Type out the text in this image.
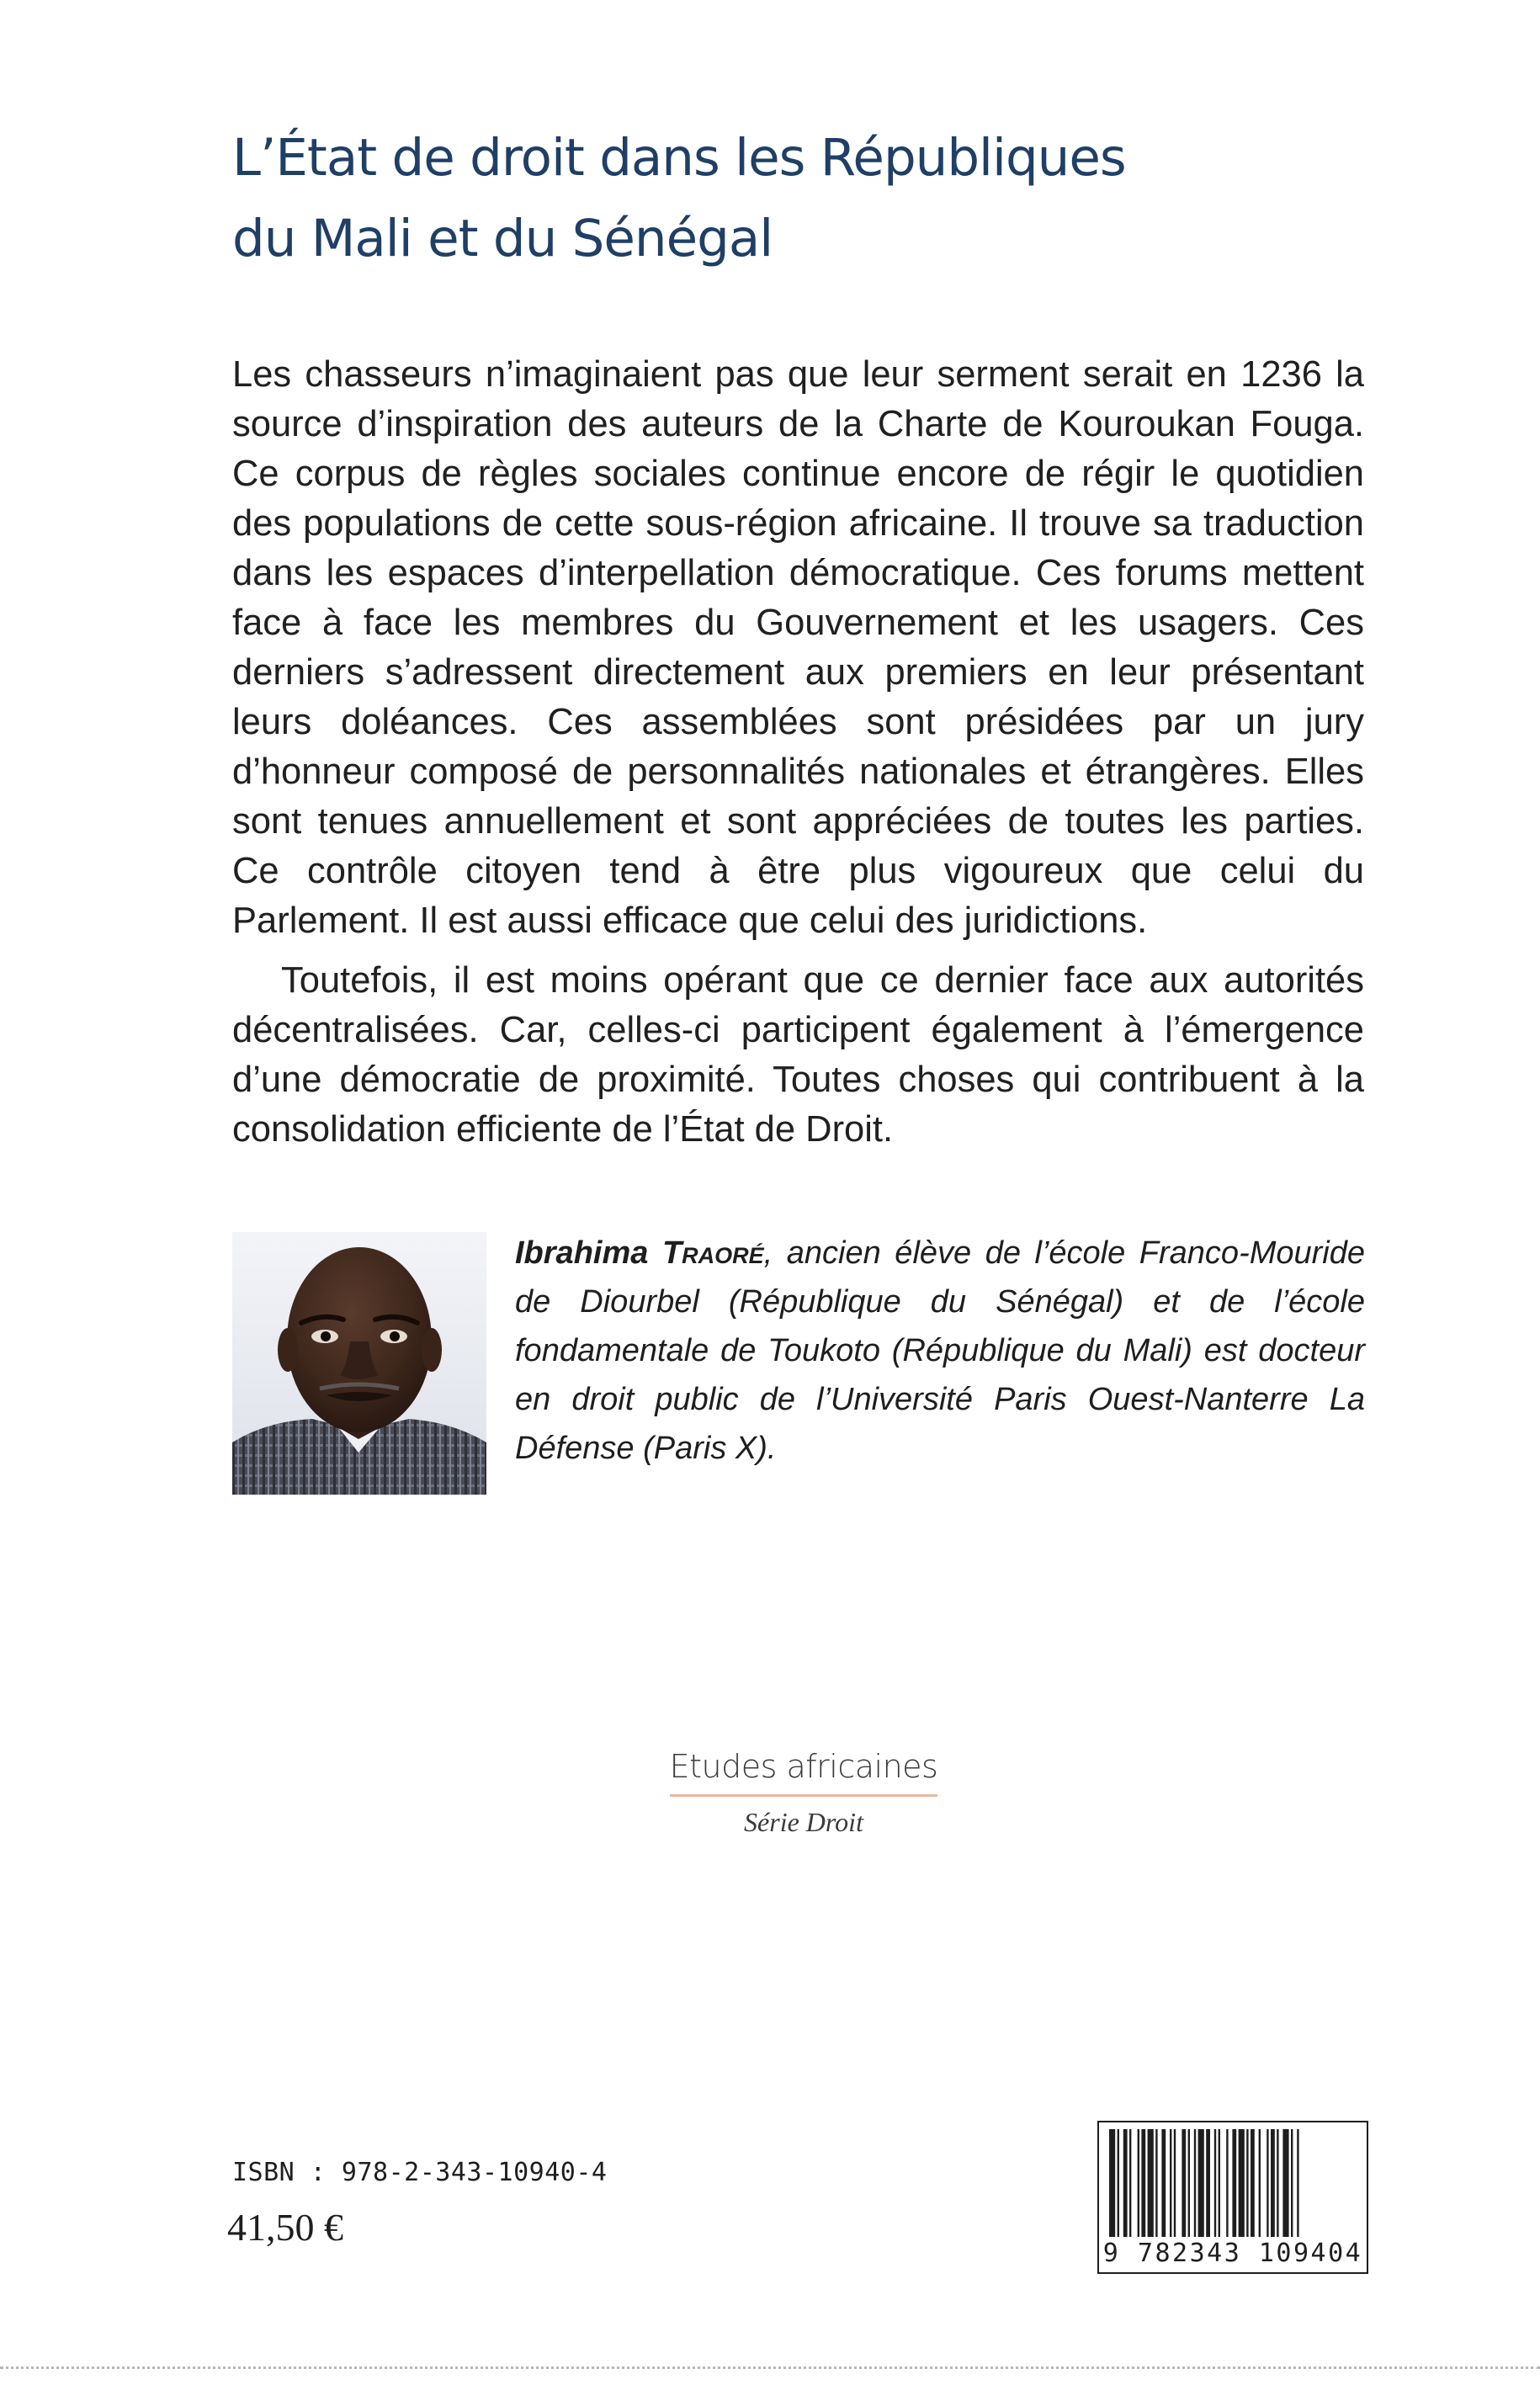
L’État de droit dans les Républiques
du Mali et du Sénégal

Les chasseurs n’imaginaient pas que leur serment serait en 1236 la source d’inspiration des auteurs de la Charte de Kouroukan Fouga. Ce corpus de règles sociales continue encore de régir le quotidien des populations de cette sous-région africaine. Il trouve sa traduction dans les espaces d’interpellation démocratique. Ces forums mettent face à face les membres du Gouvernement et les usagers. Ces derniers s’adressent directement aux premiers en leur présentant leurs doléances. Ces assemblées sont présidées par un jury d’honneur composé de personnalités nationales et étrangères. Elles sont tenues annuellement et sont appréciées de toutes les parties. Ce contrôle citoyen tend à être plus vigoureux que celui du Parlement. Il est aussi efficace que celui des juridictions.

Toutefois, il est moins opérant que ce dernier face aux autorités décentralisées. Car, celles-ci participent également à l’émergence d’une démocratie de proximité. Toutes choses qui contribuent à la consolidation efficiente de l’État de Droit.

Ibrahima Traoré, ancien élève de l’école Franco-Mouride de Diourbel (République du Sénégal) et de l’école fondamentale de Toukoto (République du Mali) est docteur en droit public de l’Université Paris Ouest-Nanterre La Défense (Paris X).
Etudes africaines
Série Droit
ISBN : 978-2-343-10940-4
41,50 €
9 782343 109404
